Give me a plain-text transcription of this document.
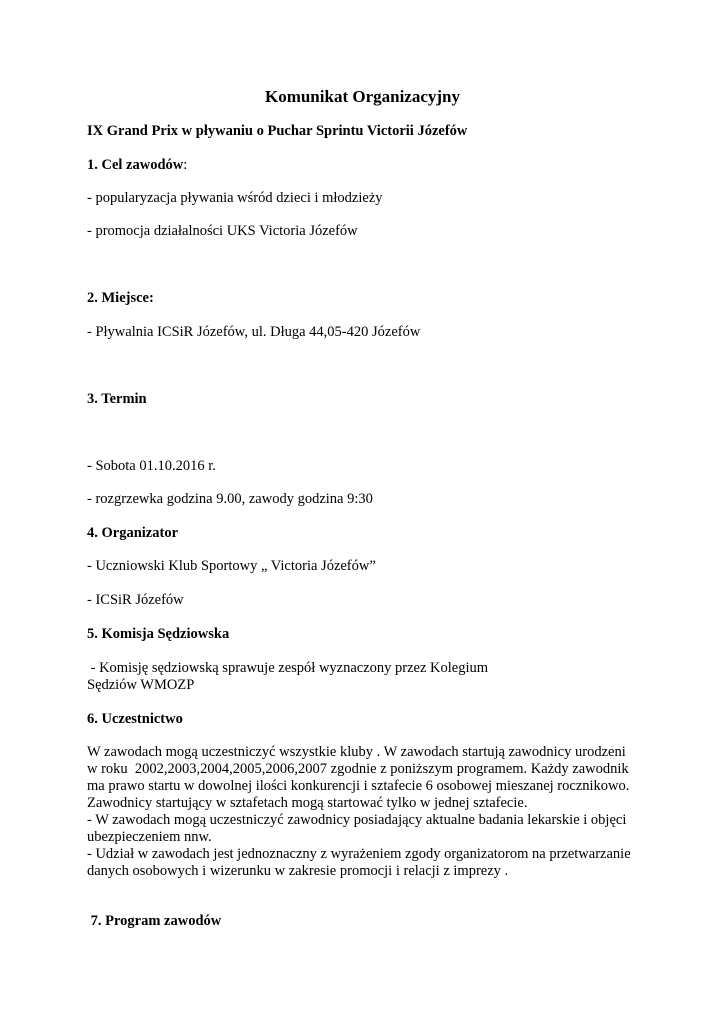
Komunikat Organizacyjny
IX Grand Prix w pływaniu o Puchar Sprintu Victorii Józefów
1. Cel zawodów:
- popularyzacja pływania wśród dzieci i młodzieży
- promocja działalności UKS Victoria Józefów
2. Miejsce:
- Pływalnia ICSiR Józefów, ul. Długa 44,05-420 Józefów
3. Termin
- Sobota 01.10.2016 r.
- rozgrzewka godzina 9.00, zawody godzina 9:30
4. Organizator
- Uczniowski Klub Sportowy „ Victoria Józefów”
- ICSiR Józefów
5. Komisja Sędziowska
- Komisję sędziowską sprawuje zespół wyznaczony przez Kolegium
Sędziów WMOZP
6. Uczestnictwo
W zawodach mogą uczestniczyć wszystkie kluby . W zawodach startują zawodnicy urodzeni
w roku  2002,2003,2004,2005,2006,2007 zgodnie z poniższym programem. Każdy zawodnik
ma prawo startu w dowolnej ilości konkurencji i sztafecie 6 osobowej mieszanej rocznikowo.
Zawodnicy startujący w sztafetach mogą startować tylko w jednej sztafecie.
- W zawodach mogą uczestniczyć zawodnicy posiadający aktualne badania lekarskie i objęci
ubezpieczeniem nnw.
- Udział w zawodach jest jednoznaczny z wyrażeniem zgody organizatorom na przetwarzanie
danych osobowych i wizerunku w zakresie promocji i relacji z imprezy .
7. Program zawodów
